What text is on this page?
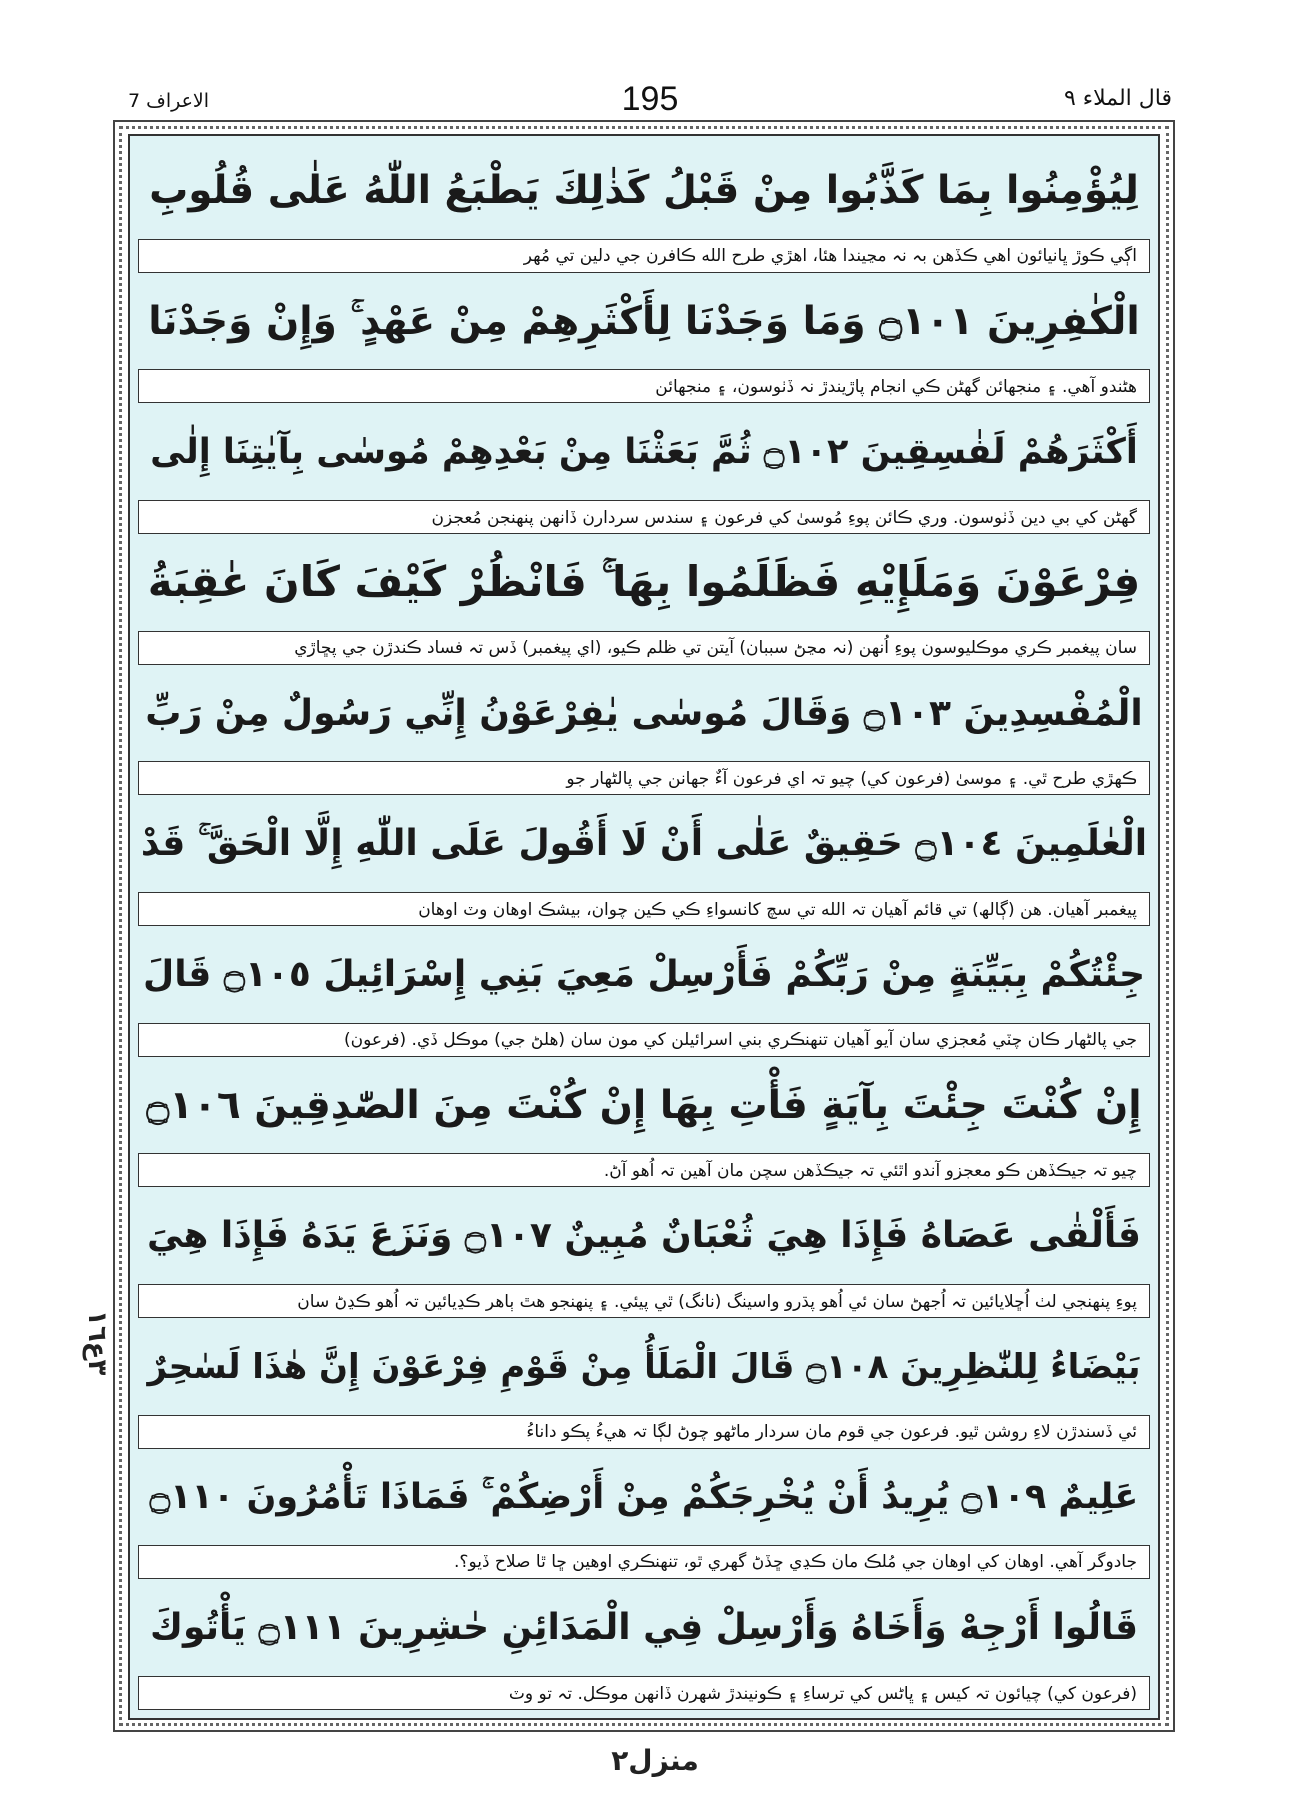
الاعراف 7	195	قال الملاء ٩
٣ع١٦
لِيُؤْمِنُوا بِمَا كَذَّبُوا مِنْ قَبْلُ كَذٰلِكَ يَطْبَعُ اللّٰهُ عَلٰى قُلُوبِ
اڳي ڪوڙ ڀانيائون اھي ڪڏھن بہ نہ مڃيندا ھئا، اھڙي طرح الله ڪافرن جي دلين تي مُهر
الْكٰفِرِينَ ۝١٠١ وَمَا وَجَدْنَا لِأَكْثَرِهِمْ مِنْ عَهْدٍ ۚ وَإِنْ وَجَدْنَا
ھڻندو آھي. ۽ منجھائن گھڻن ڪي انجام پاڙيندڙ نہ ڏٺوسون، ۽ منجھائن
أَكْثَرَهُمْ لَفٰسِقِينَ ۝١٠٢ ثُمَّ بَعَثْنَا مِنْ بَعْدِهِمْ مُوسٰى بِآيٰتِنَا إِلٰى
گھڻن کي بي دين ڏٺوسون. وري ڪائن پوءِ مُوسىٰ کي فرعون ۽ سندس سردارن ڏانھن پنھنجن مُعجزن
فِرْعَوْنَ وَمَلَإِيْهِ فَظَلَمُوا بِهَا ۚ فَانْظُرْ كَيْفَ كَانَ عٰقِبَةُ
سان پيغمبر ڪري موڪليوسون پوءِ اُنھن (نہ مڃڻ سببان) آيتن تي ظلم ڪيو، (اي پيغمبر) ڏس تہ فساد ڪندڙن جي پڇاڙي
الْمُفْسِدِينَ ۝١٠٣ وَقَالَ مُوسٰى يٰفِرْعَوْنُ إِنِّي رَسُولٌ مِنْ رَبِّ
ڪھڙي طرح ٿي. ۽ موسىٰ (فرعون کي) چيو تہ اي فرعون آءٌ جھانن جي پالڻھار جو
الْعٰلَمِينَ ۝١٠٤ حَقِيقٌ عَلٰى أَنْ لَا أَقُولَ عَلَى اللّٰهِ إِلَّا الْحَقَّ ۚ قَدْ
پيغمبر آھيان. ھن (ڳالھ) تي قائم آھيان تہ الله تي سچ کانسواءِ ڪي ڪين چوان، بيشڪ اوھان وٽ اوھان
جِئْتُكُمْ بِبَيِّنَةٍ مِنْ رَبِّكُمْ فَأَرْسِلْ مَعِيَ بَنِي إِسْرَائِيلَ ۝١٠٥ قَالَ
جي پالڻھار ڪان چٽي مُعجزي سان آيو آھيان تنھنڪري بني اسرائيلن کي مون سان (ھلڻ جي) موڪل ڏي. (فرعون)
إِنْ كُنْتَ جِئْتَ بِآيَةٍ فَأْتِ بِهَا إِنْ كُنْتَ مِنَ الصّٰدِقِينَ ۝١٠٦
چيو تہ جيڪڏھن ڪو معجزو آندو اٿئي تہ جيڪڏھن سچن مان آھين تہ اُھو آڻ.
فَأَلْقٰى عَصَاهُ فَإِذَا هِيَ ثُعْبَانٌ مُبِينٌ ۝١٠٧ وَنَزَعَ يَدَهُ فَإِذَا هِيَ
پوءِ پنھنجي لٺ اُڇلايائين تہ اُجھڻ سان ئي اُھو پڌرو واسينگ (نانگ) ٿي پيئي. ۽ پنھنجو ھٿ ٻاھر ڪڍيائين تہ اُھو ڪڍڻ سان
بَيْضَاءُ لِلنّٰظِرِينَ ۝١٠٨ قَالَ الْمَلَأُ مِنْ قَوْمِ فِرْعَوْنَ إِنَّ هٰذَا لَسٰحِرٌ
ئي ڏسندڙن لاءِ روشن ٿيو. فرعون جي قوم مان سردار ماڻھو چوڻ لڳا تہ ھيءُ پڪو داناءُ
عَلِيمٌ ۝١٠٩ يُرِيدُ أَنْ يُخْرِجَكُمْ مِنْ أَرْضِكُمْ ۚ فَمَاذَا تَأْمُرُونَ ۝١١٠
جادوگر آھي. اوھان کي اوھان جي مُلڪ مان ڪڍي ڇڏڻ گھري ٿو، تنھنڪري اوھين ڇا ٿا صلاح ڏيو؟.
قَالُوا أَرْجِهْ وَأَخَاهُ وَأَرْسِلْ فِي الْمَدَائِنِ حٰشِرِينَ ۝١١١ يَأْتُوكَ
(فرعون کي) چيائون تہ کيس ۽ ڀاڻس کي ترساءِ ۽ ڪونيندڙ شھرن ڏانھن موڪل. تہ تو وٽ
منزل٢
